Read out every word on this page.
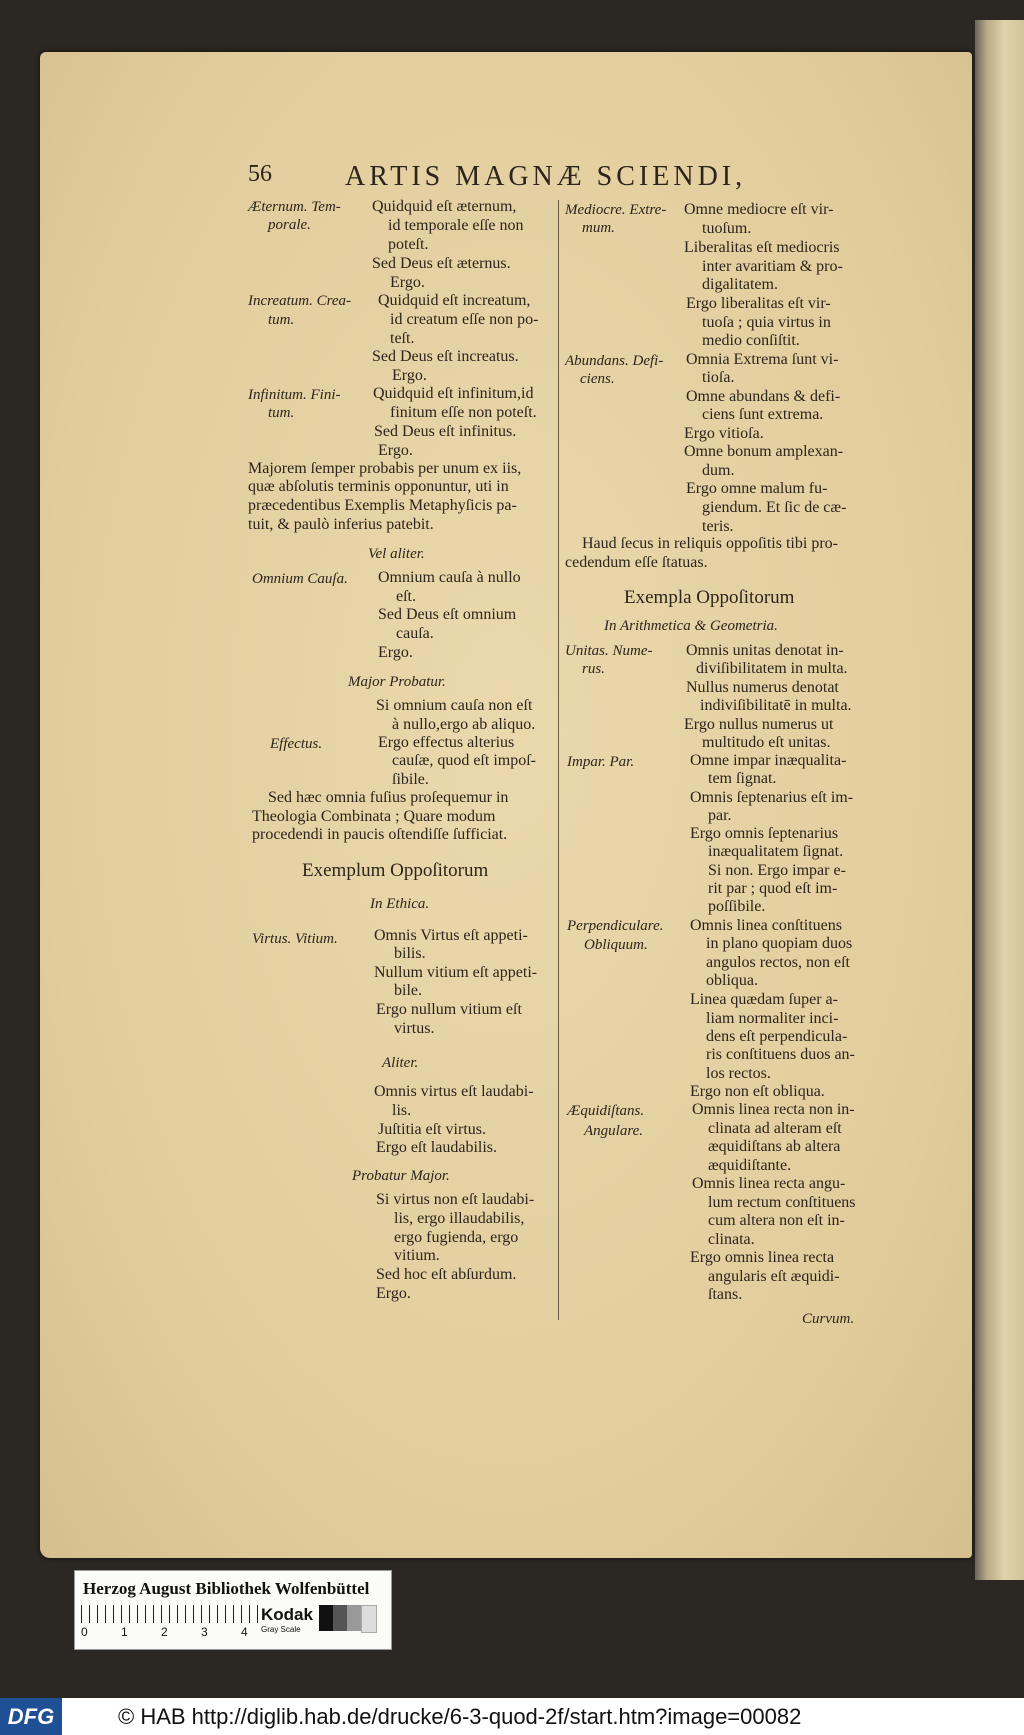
56	ARTIS MAGNÆ SCIENDI,
Æternum. Tem-
porale.
Quidquid eſt æternum,
id temporale eſſe non
poteſt.
Sed Deus eſt æternus.
Ergo.
Increatum. Crea-
tum.
Quidquid eſt increatum,
id creatum eſſe non po-
teſt.
Sed Deus eſt increatus.
Ergo.
Infinitum. Fini-
tum.
Quidquid eſt infinitum,id
finitum eſſe non poteſt.
Sed Deus eſt infinitus.
Ergo.
Majorem ſemper probabis per unum ex iis,
quæ abſolutis terminis opponuntur, uti in
præcedentibus Exemplis Metaphyſicis pa-
tuit, & paulò inferius patebit.
Vel aliter.
Omnium Cauſa. Omnium cauſa à nullo
eſt.
Sed Deus eſt omnium
cauſa.
Ergo.
Major Probatur.
Si omnium cauſa non eſt
à nullo,ergo ab aliquo.
Effectus.	Ergo effectus alterius
cauſæ, quod eſt impoſ-
ſibile.
Sed hæc omnia fuſius proſequemur in
Theologia Combinata ; Quare modum
procedendi in paucis oſtendiſſe ſufficiat.
Exemplum Oppoſitorum
In Ethica.
Virtus. Vitium. Omnis Virtus eſt appeti-
bilis.
Nullum vitium eſt appeti-
bile.
Ergo nullum vitium eſt
virtus.
Aliter.
Omnis virtus eſt laudabi-
lis.
Juſtitia eſt virtus.
Ergo eſt laudabilis.
Probatur Major.
Si virtus non eſt laudabi-
lis, ergo illaudabilis,
ergo fugienda, ergo
vitium.
Sed hoc eſt abſurdum.
Ergo.
Mediocre. Extre-
mum.
Omne mediocre eſt vir-
tuoſum.
Liberalitas eſt mediocris
inter avaritiam & pro-
digalitatem.
Ergo liberalitas eſt vir-
tuoſa ; quia virtus in
medio conſiſtit.
Abundans. Defi-
ciens.
Omnia Extrema ſunt vi-
tioſa.
Omne abundans & defi-
ciens ſunt extrema.
Ergo vitioſa.
Omne bonum amplexan-
dum.
Ergo omne malum fu-
giendum. Et ſic de cæ-
teris.
Haud ſecus in reliquis oppoſitis tibi pro-
cedendum eſſe ſtatuas.
Exempla Oppoſitorum
In Arithmetica & Geometria.
Unitas. Nume-
rus.
Omnis unitas denotat in-
diviſibilitatem in multa.
Nullus numerus denotat
indiviſibilitatē in multa.
Ergo nullus numerus ut
multitudo eſt unitas.
Impar. Par.	Omne impar inæqualita-
tem ſignat.
Omnis ſeptenarius eſt im-
par.
Ergo omnis ſeptenarius
inæqualitatem ſignat.
Si non. Ergo impar e-
rit par ; quod eſt im-
poſſibile.
Perpendiculare.
Obliquum.
Omnis linea conſtituens
in plano quopiam duos
angulos rectos, non eſt
obliqua.
Linea quædam ſuper a-
liam normaliter inci-
dens eſt perpendicula-
ris conſtituens duos an-
los rectos.
Ergo non eſt obliqua.
Æquidiſtans.
Angulare.
Omnis linea recta non in-
clinata ad alteram eſt
æquidiſtans ab altera
æquidiſtante.
Omnis linea recta angu-
lum rectum conſtituens
cum altera non eſt in-
clinata.
Ergo omnis linea recta
angularis eſt æquidi-
ſtans.
Curvum.
Herzog August Bibliothek Wolfenbüttel
0	1	2	3	4
Kodak
Gray Scale
DFG	© HAB http://diglib.hab.de/drucke/6-3-quod-2f/start.htm?image=00082
